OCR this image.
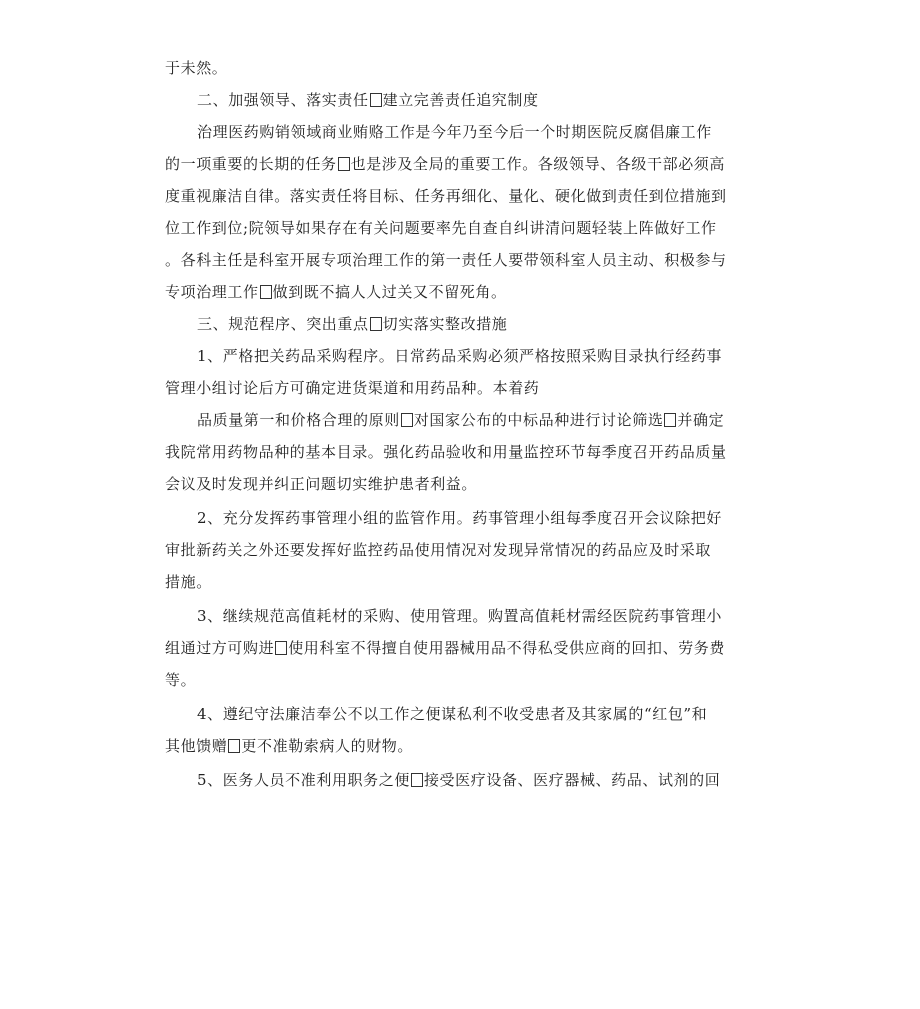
于未然。
二、加强领导、落实责任 建立完善责任追究制度
治理医药购销领域商业贿赂工作是今年乃至今后一个时期医院反腐倡廉工作
的一项重要的长期的任务 也是涉及全局的重要工作。各级领导、各级干部必须高
度重视廉洁自律。落实责任将目标、任务再细化、量化、硬化做到责任到位措施到
位工作到位;院领导如果存在有关问题要率先自查自纠讲清问题轻装上阵做好工作
。各科主任是科室开展专项治理工作的第一责任人要带领科室人员主动、积极参与
专项治理工作 做到既不搞人人过关又不留死角。
三、规范程序、突出重点 切实落实整改措施
1、严格把关药品采购程序。日常药品采购必须严格按照采购目录执行经药事
管理小组讨论后方可确定进货渠道和用药品种。本着药
品质量第一和价格合理的原则 对国家公布的中标品种进行讨论筛选 并确定
我院常用药物品种的基本目录。强化药品验收和用量监控环节每季度召开药品质量
会议及时发现并纠正问题切实维护患者利益。
2、充分发挥药事管理小组的监管作用。药事管理小组每季度召开会议除把好
审批新药关之外还要发挥好监控药品使用情况对发现异常情况的药品应及时采取
措施。
3、继续规范高值耗材的采购、使用管理。购置高值耗材需经医院药事管理小
组通过方可购进 使用科室不得擅自使用器械用品不得私受供应商的回扣、劳务费
等。
4、遵纪守法廉洁奉公不以工作之便谋私利不收受患者及其家属的“红包”和
其他馈赠 更不准勒索病人的财物。
5、医务人员不准利用职务之便 接受医疗设备、医疗器械、药品、试剂的回
